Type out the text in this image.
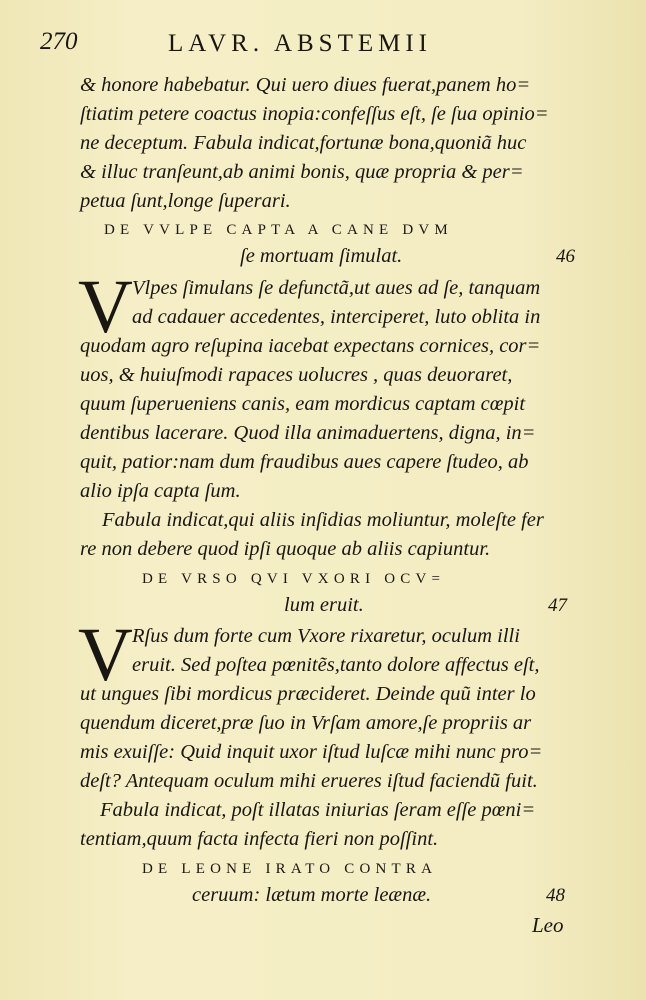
270	LAVR. ABSTEMII
& honore habebatur. Qui uero diues fuerat,panem ho=
ſtiatim petere coactus inopia:confeſſus eſt, ſe ſua opinio=
ne deceptum. Fabula indicat,fortunæ bona,quoniã huc
& illuc tranſeunt,ab animi bonis, quæ propria & per=
petua ſunt,longe ſuperari.
DE VVLPE CAPTA A CANE DVM
ſe mortuam ſimulat.	46
V Vlpes ſimulans ſe defunctã,ut aues ad ſe, tanquam
ad cadauer accedentes, interciperet, luto oblita in
quodam agro reſupina iacebat expectans cornices, cor=
uos, & huiuſmodi rapaces uolucres , quas deuoraret,
quum ſuperueniens canis, eam mordicus captam cœpit
dentibus lacerare. Quod illa animaduertens, digna, in=
quit, patior:nam dum fraudibus aues capere ſtudeo, ab
alio ipſa capta ſum.
Fabula indicat,qui aliis inſidias moliuntur, moleſte fer
re non debere quod ipſi quoque ab aliis capiuntur.
DE VRSO QVI VXORI OCV=
lum eruit.	47
V Rſus dum forte cum Vxore rixaretur, oculum illi
eruit. Sed poſtea pœnitẽs,tanto dolore affectus eſt,
ut ungues ſibi mordicus præcideret. Deinde quũ inter lo
quendum diceret,præ ſuo in Vrſam amore,ſe propriis ar
mis exuiſſe: Quid inquit uxor iſtud luſcæ mihi nunc pro=
deſt? Antequam oculum mihi erueres iſtud faciendũ fuit.
Fabula indicat, poſt illatas iniurias ſeram eſſe pœni=
tentiam,quum facta infecta fieri non poſſint.
DE LEONE IRATO CONTRA
ceruum: lætum morte leænæ.	48
Leo
